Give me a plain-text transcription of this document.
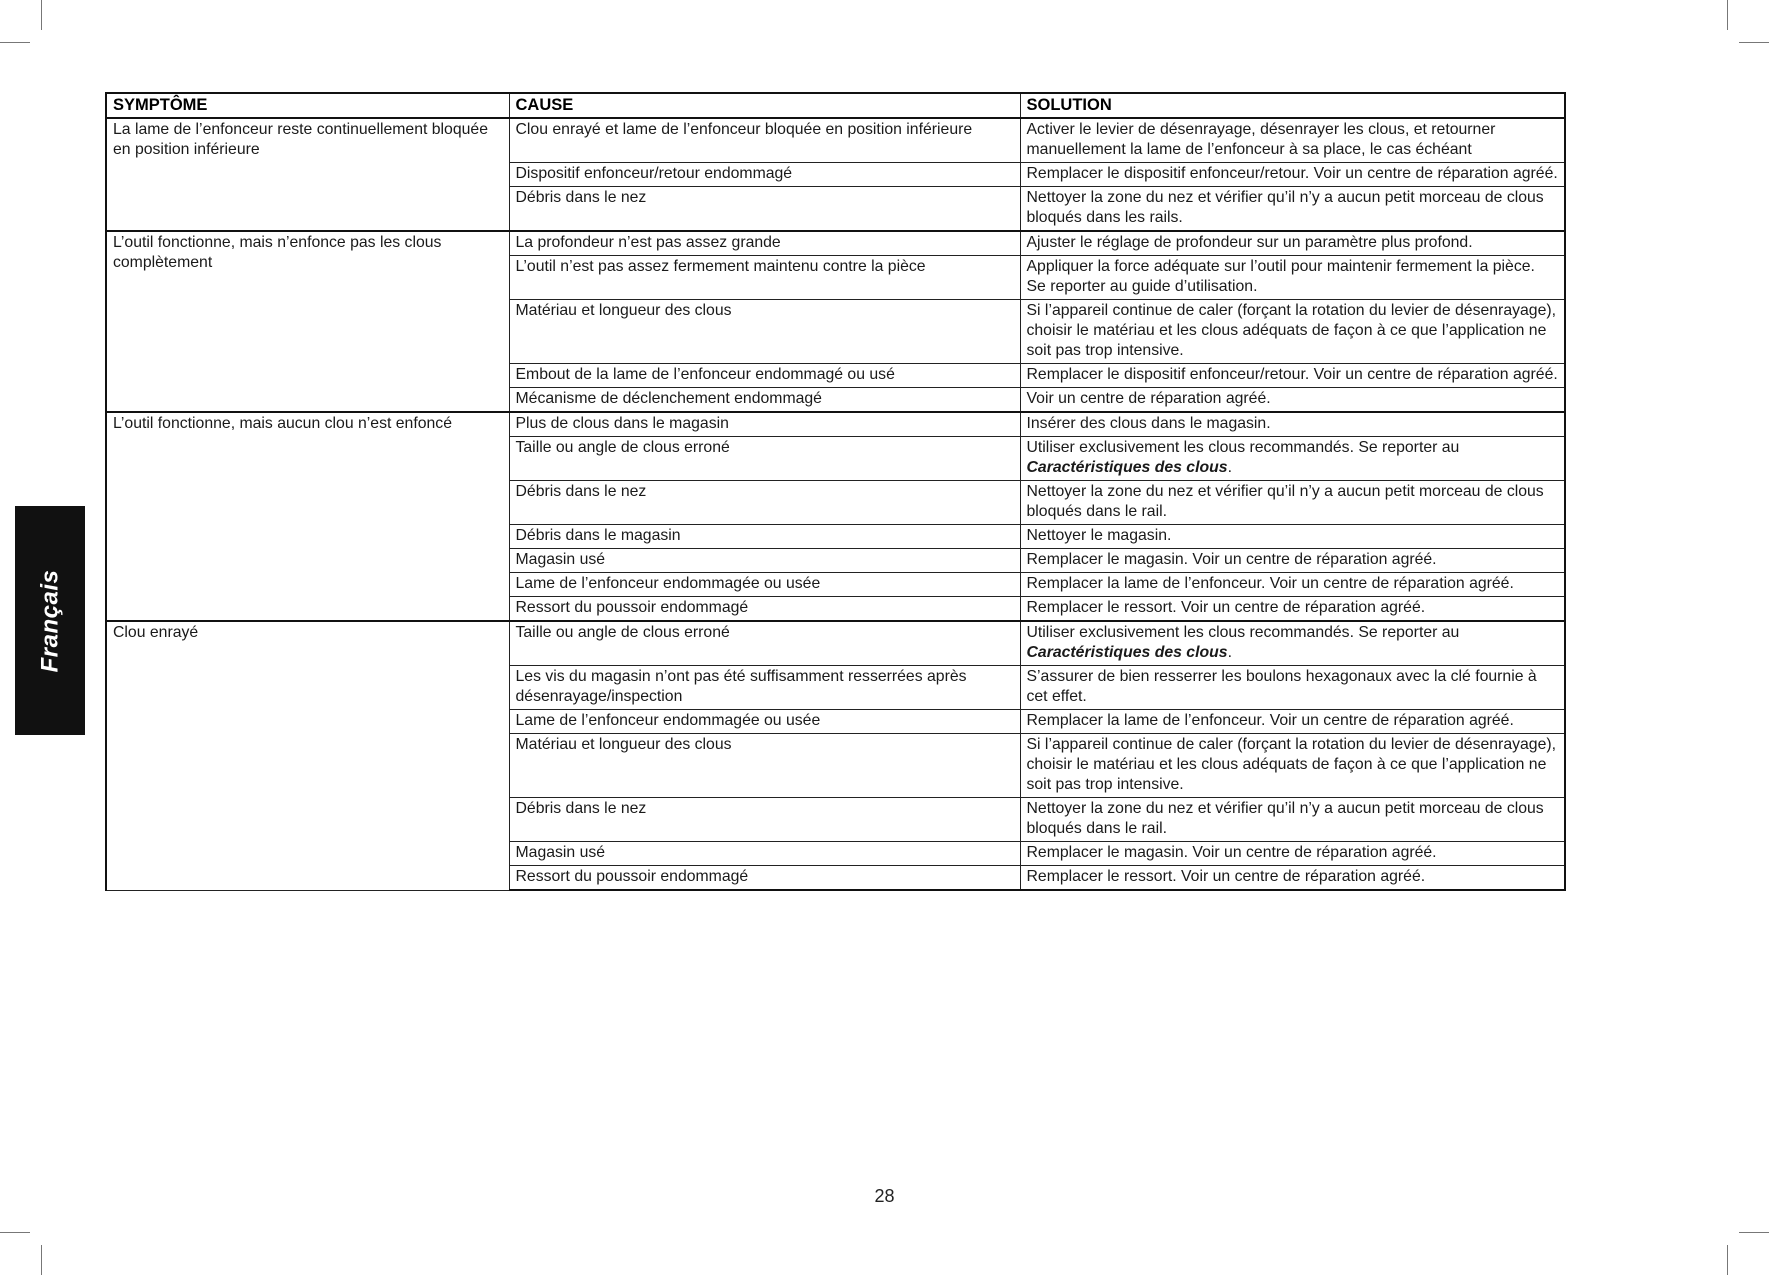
Français
SYMPTÔME	CAUSE	SOLUTION
La lame de l’enfonceur reste continuellement bloquée en position inférieure	Clou enrayé et lame de l’enfonceur bloquée en position inférieure	Activer le levier de désenrayage, désenrayer les clous, et retourner manuellement la lame de l’enfonceur à sa place, le cas échéant
	Dispositif enfonceur/retour endommagé	Remplacer le dispositif enfonceur/retour. Voir un centre de réparation agréé.
	Débris dans le nez	Nettoyer la zone du nez et vérifier qu’il n’y a aucun petit morceau de clous bloqués dans les rails.
L’outil fonctionne, mais n’enfonce pas les clous complètement	La profondeur n’est pas assez grande	Ajuster le réglage de profondeur sur un paramètre plus profond.
	L’outil n’est pas assez fermement maintenu contre la pièce	Appliquer la force adéquate sur l’outil pour maintenir fermement la pièce. Se reporter au guide d’utilisation.
	Matériau et longueur des clous	Si l’appareil continue de caler (forçant la rotation du levier de désenrayage), choisir le matériau et les clous adéquats de façon à ce que l’application ne soit pas trop intensive.
	Embout de la lame de l’enfonceur endommagé ou usé	Remplacer le dispositif enfonceur/retour. Voir un centre de réparation agréé.
	Mécanisme de déclenchement endommagé	Voir un centre de réparation agréé.
L’outil fonctionne, mais aucun clou n’est enfoncé	Plus de clous dans le magasin	Insérer des clous dans le magasin.
	Taille ou angle de clous erroné	Utiliser exclusivement les clous recommandés. Se reporter au
Caractéristiques des clous.
	Débris dans le nez	Nettoyer la zone du nez et vérifier qu’il n’y a aucun petit morceau de clous bloqués dans le rail.
	Débris dans le magasin	Nettoyer le magasin.
	Magasin usé	Remplacer le magasin. Voir un centre de réparation agréé.
	Lame de l’enfonceur endommagée ou usée	Remplacer la lame de l’enfonceur. Voir un centre de réparation agréé.
	Ressort du poussoir endommagé	Remplacer le ressort. Voir un centre de réparation agréé.
Clou enrayé	Taille ou angle de clous erroné	Utiliser exclusivement les clous recommandés. Se reporter au
Caractéristiques des clous.
	Les vis du magasin n’ont pas été suffisamment resserrées après désenrayage/inspection	S’assurer de bien resserrer les boulons hexagonaux avec la clé fournie à cet effet.
	Lame de l’enfonceur endommagée ou usée	Remplacer la lame de l’enfonceur. Voir un centre de réparation agréé.
	Matériau et longueur des clous	Si l’appareil continue de caler (forçant la rotation du levier de désenrayage), choisir le matériau et les clous adéquats de façon à ce que l’application ne soit pas trop intensive.
	Débris dans le nez	Nettoyer la zone du nez et vérifier qu’il n’y a aucun petit morceau de clous bloqués dans le rail.
	Magasin usé	Remplacer le magasin. Voir un centre de réparation agréé.
	Ressort du poussoir endommagé	Remplacer le ressort. Voir un centre de réparation agréé.
28
